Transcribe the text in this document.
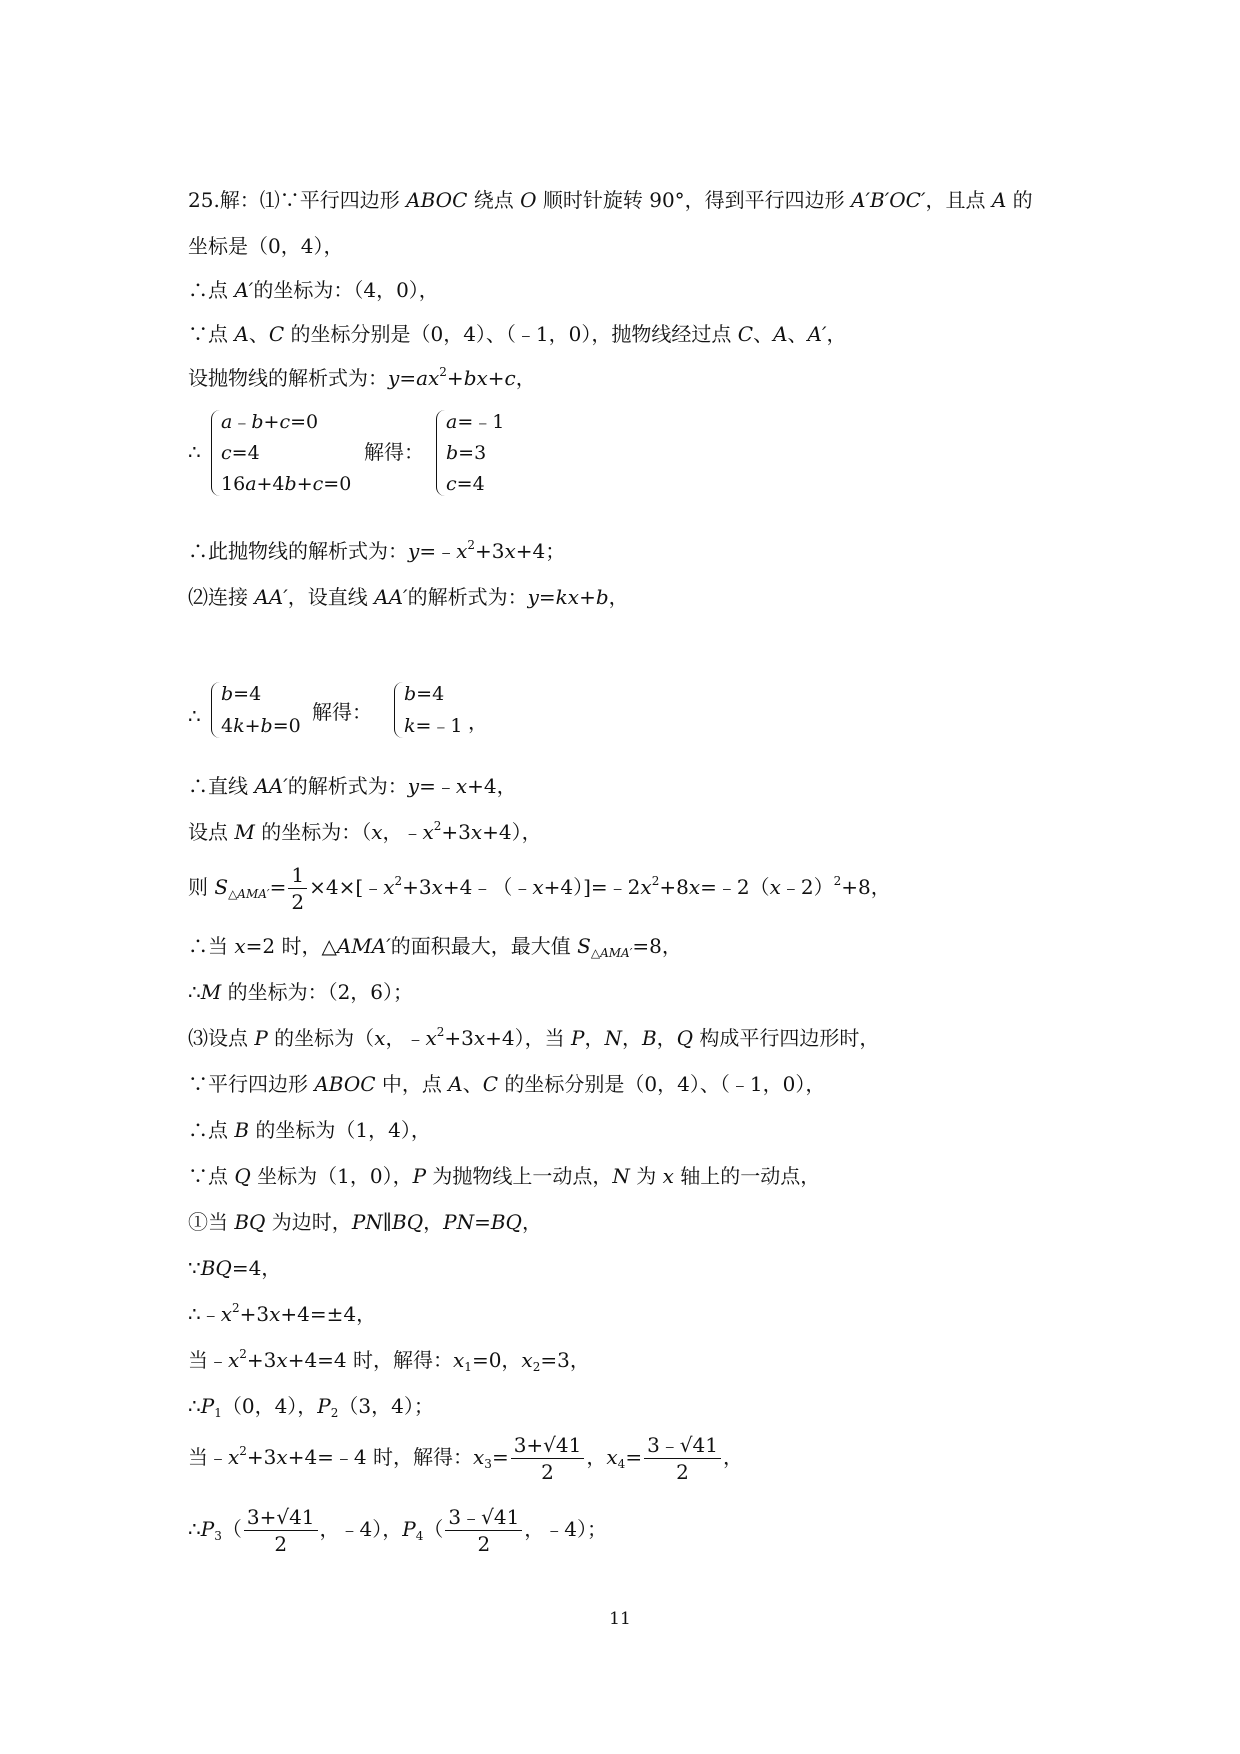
25.解：⑴∵平行四边形 ABOC 绕点 O 顺时针旋转 90°，得到平行四边形 A′B′OC′，且点 A 的
坐标是（0，4），
∴点 A′的坐标为：（4，0），
∵点 A、C 的坐标分别是（0，4）、（﹣1，0），抛物线经过点 C、A、A′，
设抛物线的解析式为：$y=ax^2+bx+c$，
∴
a﹣b+c=0
c=4
16a+4b+c=0
解得：
a=﹣1
b=3
c=4
∴此抛物线的解析式为：$y=﹣x^2+3x+4$；
⑵连接 AA′，设直线 AA′的解析式为：y=kx+b，
∴
b=4
4k+b=0
解得：
b=4
k=﹣1 ，
∴直线 AA′的解析式为：y=﹣x+4，
设点 M 的坐标为：（x，$﹣x^2+3x+4$），
则 $S_{\triangle AMA'}= \frac{1}{2}$ $\times 4\times[﹣x^2+3x+4﹣(﹣x+4)]=﹣2x^2+8x=﹣2(x﹣2)^2+8$，
∴当 x=2 时，△AMA′的面积最大，最大值 $S_{\triangle AMA'}=8$，
∴M 的坐标为：（2，6）；
⑶设点 P 的坐标为（x，$﹣x^2+3x+4$），当 P，N，B，Q 构成平行四边形时，
∵平行四边形 ABOC 中，点 A、C 的坐标分别是（0，4）、（﹣1，0），
∴点 B 的坐标为（1，4），
∵点 Q 坐标为（1，0），P 为抛物线上一动点，N 为 x 轴上的一动点，
①当 BQ 为边时，PN∥BQ，PN=BQ，
∵BQ=4，
$\therefore﹣x^2+3x+4=\pm 4$，
当$﹣x^2+3x+4=4$ 时，解得：$x_1=0$，$x_2=3$，
$\therefore P_1(0$，4），$P_2(3$，4）；
当$﹣x^2+3x+4=﹣4$ 时，解得：$x_3= \frac{3+√41}{2}$ ，$x_4= \frac{3﹣√41}{2}$ ，
$\therefore P_3( \frac{3+√41}{2}$ ，﹣4），$P_4( \frac{3﹣√41}{2}$ ，﹣4）；
11
